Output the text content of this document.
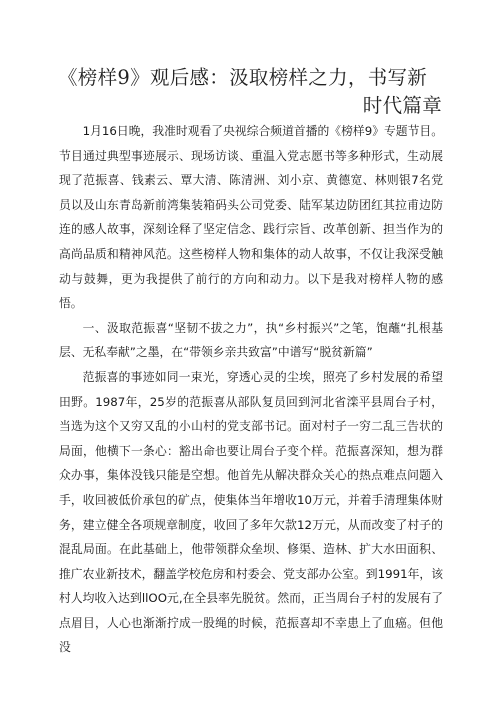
《榜样9》观后感：汲取榜样之力，书写新
时代篇章

1月16日晚，我准时观看了央视综合频道首播的《榜样9》专题节目。节目通过典型事迹展示、现场访谈、重温入党志愿书等多种形式，生动展现了范振喜、钱素云、覃大清、陈清洲、刘小京、黄德宽、林则银7名党员以及山东青岛新前湾集装箱码头公司党委、陆军某边防团红其拉甫边防连的感人故事，深刻诠释了坚定信念、践行宗旨、改革创新、担当作为的高尚品质和精神风范。这些榜样人物和集体的动人故事，不仅让我深受触动与鼓舞，更为我提供了前行的方向和动力。以下是我对榜样人物的感悟。

一、汲取范振喜“坚韧不拔之力”，执“乡村振兴”之笔，饱蘸“扎根基层、无私奉献”之墨，在“带领乡亲共致富”中谱写“脱贫新篇”

范振喜的事迹如同一束光，穿透心灵的尘埃，照亮了乡村发展的希望田野。1987年，25岁的范振喜从部队复员回到河北省滦平县周台子村，当选为这个又穷又乱的小山村的党支部书记。面对村子一穷二乱三告状的局面，他横下一条心：豁出命也要让周台子变个样。范振喜深知，想为群众办事，集体没钱只能是空想。他首先从解决群众关心的热点难点问题入手，收回被低价承包的矿点，使集体当年增收10万元，并着手清理集体财务，建立健全各项规章制度，收回了多年欠款12万元，从而改变了村子的混乱局面。在此基础上，他带领群众垒坝、修渠、造林、扩大水田面积、推广农业新技术，翻盖学校危房和村委会、党支部办公室。到1991年，该村人均收入达到llOO元,在全县率先脱贫。然而，正当周台子村的发展有了点眉目，人心也渐渐拧成一股绳的时候，范振喜却不幸患上了血癌。但他没
